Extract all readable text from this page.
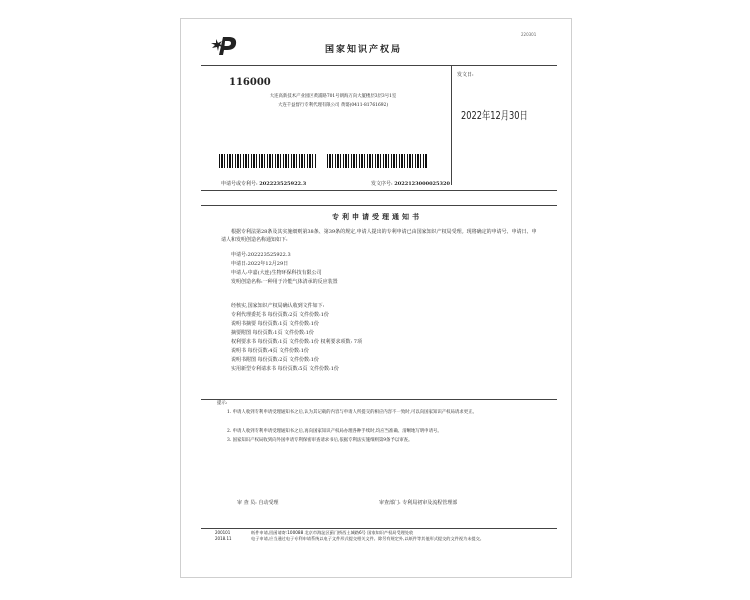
220301
国家知识产权局
116000
大连高新技术产业园区黄浦路701号朗海万向大厦楼层3层3号1室
大连千益督行专利代理有限公司 黄婆(0411-81761692)
发文日:
2022年12月30日
申请号或专利号: 202223525922.3	发文序号: 2022123000025320
专利申请受理通知书
根据专利法第28条及其实施细则第38条、第39条的规定,申请人提出的专利申请已由国家知识产权局受理。现将确定的申请号、申请日、申请人和发明创造名称通知如下:
申请号:2022235259​22.3
申请日:2022年12月29日
申请人:中嘉(大连)生物环保科技有限公司
发明创造名称:一种用于冷能气体清承的反应装置
经核实,国家知识产权局确认收到文件如下:
专利代理委托书 每份页数:2页 文件份数:1份
说明书摘要 每份页数:1页 文件份数:1份
摘要附图 每份页数:1页 文件份数:1份
权利要求书 每份页数:1页 文件份数:1份 权利要求项数: 7项
说明书 每份页数:4页 文件份数:1份
说明书附图 每份页数:2页 文件份数:1份
实用新型专利请求书 每份页数:5页 文件份数:1份
提示:
1. 申请人收到专利申请受理通知书之后,认为其记载的内容与申请人所提交的相应内容不一致时,可以向国家知识产权局请求更正。
2. 申请人收到专利申请受理通知书之后,再向国家知识产权局办理各种手续时,均应当准确、清晰地写明申请号。
3. 国家知识产权局收到向外国申请专利保密审查请求书后,依据专利法实施细则第9条予以审查。
审 查 员: 自动受理	审查部门: 专利局初审及流程管理部
200101
2018.11
纸件申请,回函请寄:100088 北京市海淀区蓟门桥西土城路6号 国家知识产权局受理处收
电子申请,应当通过电子专利申请系统以电子文件形式提交相关文件。除另有规定外,以纸件等其他形式提交的文件视为未提交。
